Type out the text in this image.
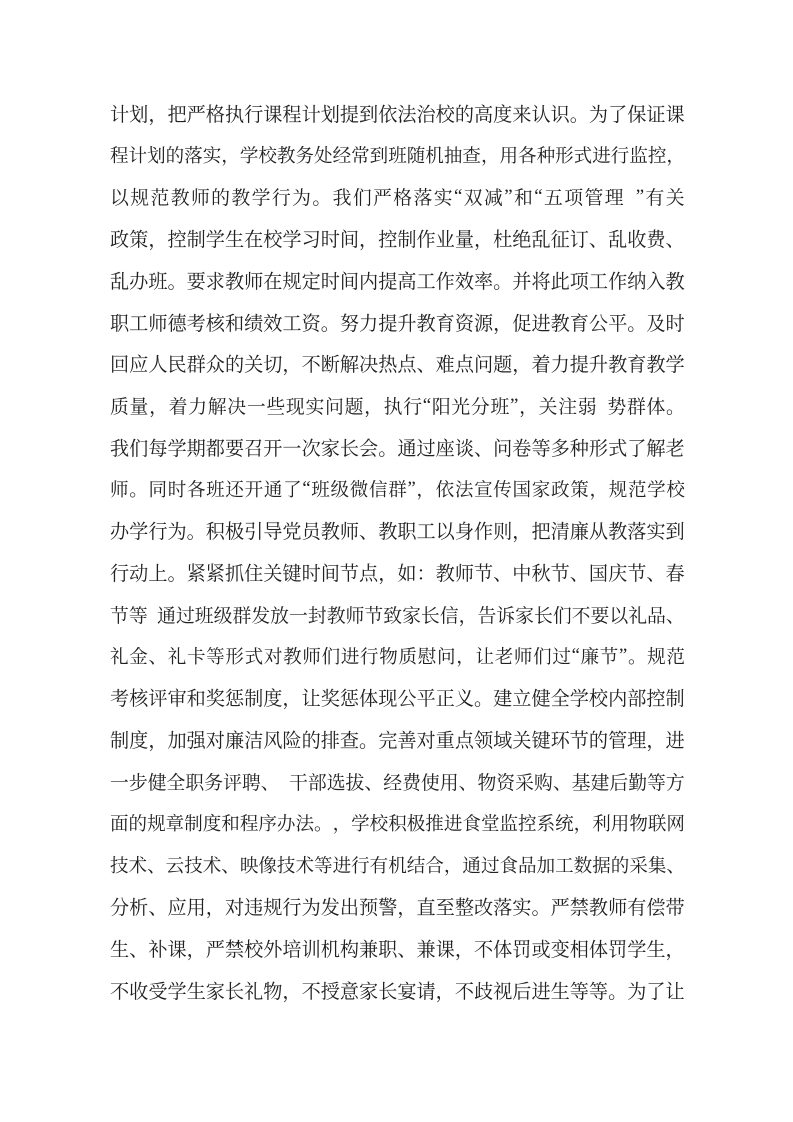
计 划 ， 把 严 格 执 行 课 程 计 划 提 到 依 法 治 校 的 高 度 来 认 识 。 为 了 保 证 课
程 计 划 的 落 实 ， 学 校 教 务 处 经 常 到 班 随 机 抽 查 ， 用 各 种 形 式 进 行 监 控 ，
以 规 范 教 师 的 教 学 行 为 。 我 们 严 格 落 实 “ 双 减 ” 和 “ 五 项 管 理
” 有 关
政 策 ， 控 制 学 生 在 校 学 习 时 间 ， 控 制 作 业 量 ， 杜 绝 乱 征 订 、 乱 收 费 、
乱 办 班 。 要 求 教 师 在 规 定 时 间 内 提 高 工 作 效 率 。 并 将 此 项 工 作 纳 入 教
职 工 师 德 考 核 和 绩 效 工 资 。 努 力 提 升 教 育 资 源 ， 促 进 教 育 公 平 。 及 时
回 应 人 民 群 众 的 关 切 ， 不 断 解 决 热 点 、 难 点 问 题 ， 着 力 提 升 教 育 教 学
质 量 ， 着 力 解 决 一 些 现 实 问 题 ， 执 行 “ 阳 光 分 班 ” ， 关 注 弱
势 群 体 。
我 们 每 学 期 都 要 召 开 一 次 家 长 会 。 通 过 座 谈 、 问 卷 等 多 种 形 式 了 解 老
师 。 同 时 各 班 还 开 通 了 “ 班 级 微 信 群 ” ， 依 法 宣 传 国 家 政 策 ， 规 范 学 校
办 学 行 为 。 积 极 引 导 党 员 教 师 、 教 职 工 以 身 作 则 ， 把 清 廉 从 教 落 实 到
行 动 上 。 紧 紧 抓 住 关 键 时 间 节 点 ， 如 ： 教 师 节 、 中 秋 节 、 国 庆 节 、 春
节 等
通 过 班 级 群 发 放 一 封 教 师 节 致 家 长 信 ， 告 诉 家 长 们 不 要 以 礼 品 、
礼 金 、 礼 卡 等 形 式 对 教 师 们 进 行 物 质 慰 问 ， 让 老 师 们 过 “ 廉 节 ” 。 规 范
考 核 评 审 和 奖 惩 制 度 ， 让 奖 惩 体 现 公 平 正 义 。 建 立 健 全 学 校 内 部 控 制
制 度 ， 加 强 对 廉 洁 风 险 的 排 查 。 完 善 对 重 点 领 域 关 键 环 节 的 管 理 ， 进
一 步 健 全 职 务 评 聘 、
干 部 选 拔 、 经 费 使 用 、 物 资 采 购 、 基 建 后 勤 等 方
面 的 规 章 制 度 和 程 序 办 法 。 ， 学 校 积 极 推 进 食 堂 监 控 系 统 ， 利 用 物 联 网
技 术 、 云 技 术 、 映 像 技 术 等 进 行 有 机 结 合 ， 通 过 食 品 加 工 数 据 的 采 集 、
分 析 、 应 用 ， 对 违 规 行 为 发 出 预 警 ， 直 至 整 改 落 实 。 严 禁 教 师 有 偿 带
生 、 补 课 ， 严 禁 校 外 培 训 机 构 兼 职 、 兼 课 ， 不 体 罚 或 变 相 体 罚 学 生 ，
不 收 受 学 生 家 长 礼 物 ， 不 授 意 家 长 宴 请 ， 不 歧 视 后 进 生 等 等 。 为 了 让
